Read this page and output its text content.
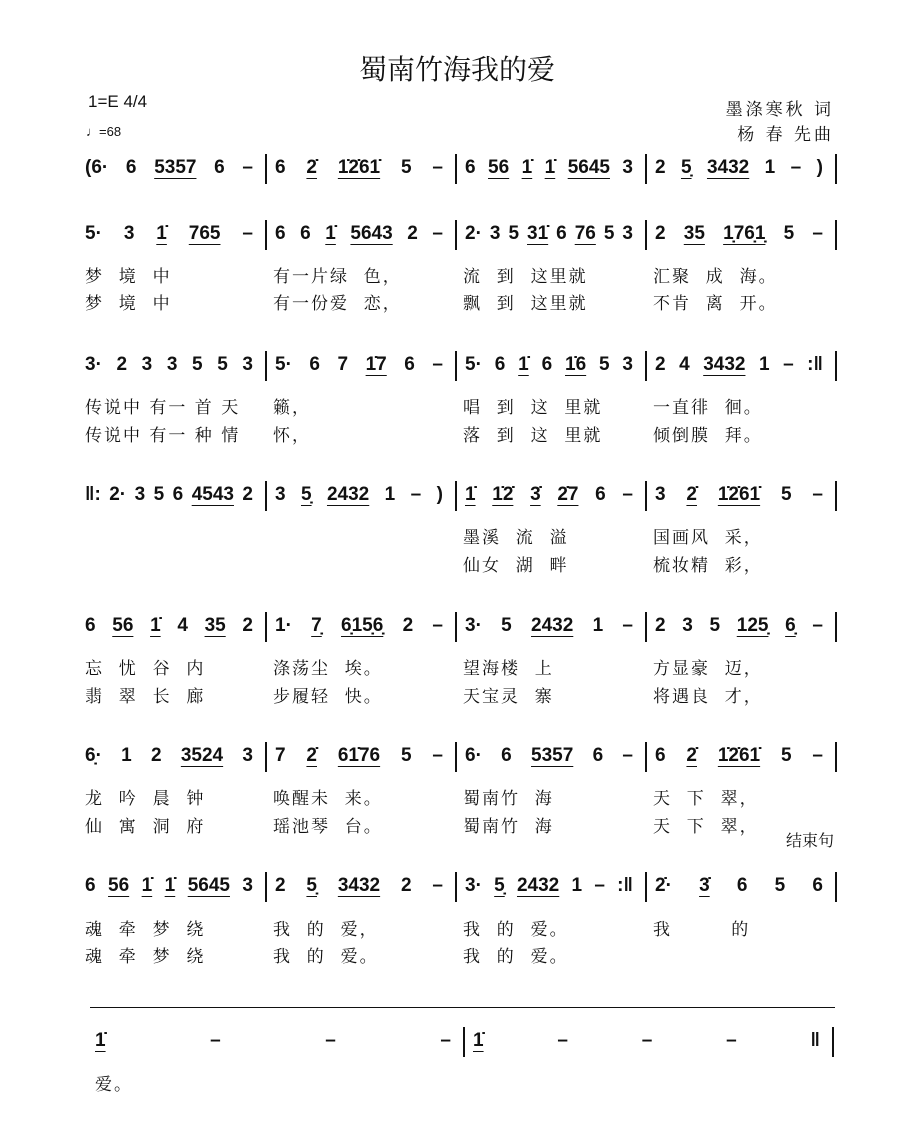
蜀南竹海我的爱
1=E 4/4
♩=68
墨涤寒秋 词
杨 春 先曲
结束句
(6· 6 5357 6 – 6 2̇ 1̇2̇61̇ 5 – 6 56 1̇ 1̇ 5645 3 2 5̣ 3432 1 – )
5· 3 1̇ 765 – 6 6 1̇ 5643 2 – 2· 3 5 31̇ 6 76 5 3 2 35 1̣76̣1̣ 5 –
梦  境  中	有一片绿  色，	流  到  这里就	汇聚  成  海。
梦  境  中	有一份爱  恋，	飘  到  这里就	不肯  离  开。
3· 2 3 3 5 5 3 5· 6 7 1̇7 6 – 5· 6 1̇ 6 1̇6 5 3 2 4 3432 1 – :‖
传说中 有一 首 天 籁，	唱  到  这  里就	一直徘  徊。
传说中 有一 种 情 怀，	落  到  这  里就	倾倒膜  拜。
‖: 2· 3 5 6 4543 2 3 5̣ 2432 1 – ) 1̇ 1̇2̇ 3̇ 2̇7 6 – 3 2̇ 1̇2̇61̇ 5 –
墨溪  流  溢	国画风  采，
仙女  湖  畔	梳妆精  彩，
6 56 1̇ 4 35 2 1· 7̣ 6̣15̣6̣ 2 – 3· 5 2432 1 – 2 3 5 125̣ 6̣ –
忘  忧  谷  内	涤荡尘  埃。	望海楼  上	方显豪  迈，
翡  翠  长  廊	步履轻  快。	天宝灵  寨	将遇良  才，
6̣· 1 2 3524 3 7 2̇ 61̇76 5 – 6· 6 5357 6 – 6 2̇ 1̇2̇61̇ 5 –
龙  吟  晨  钟	唤醒未  来。	蜀南竹  海	天  下  翠，
仙  寓  洞  府	瑶池琴  台。	蜀南竹  海	天  下  翠，
6 56 1̇ 1̇ 5645 3 2 5̣ 3432 2 – 3· 5̣ 2432 1 – :‖ 2̇· 3̇ 6 5 6
魂  牵  梦  绕	我  的  爱，	我  的  爱。	我        的
魂  牵  梦  绕	我  的  爱。	我  的  爱。
1̇	–	–	– 1̇	–	–	–	‖
爱。
